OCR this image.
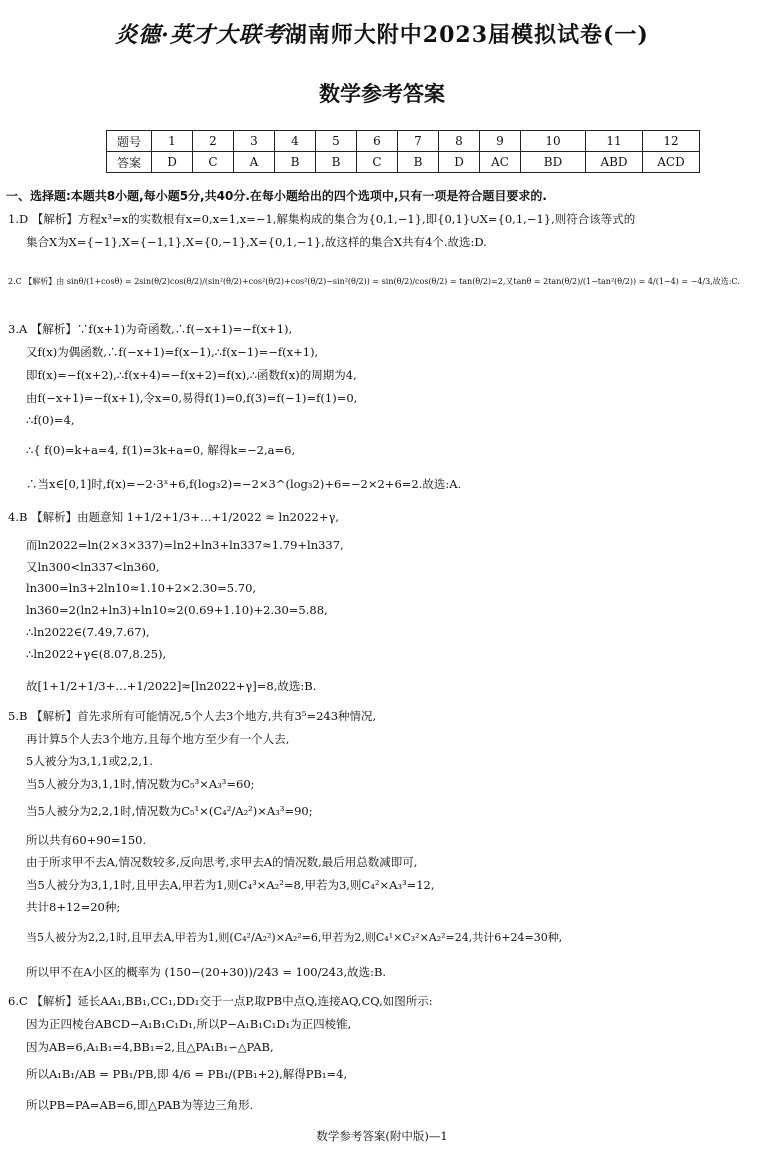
炎德·英才大联考湖南师大附中2023届模拟试卷(一)
数学参考答案
题号	1	2	3	4	5	6	7	8	9	10	11	12
答案	D	C	A	B	B	C	B	D	AC	BD	ABD	ACD
一、选择题:本题共8小题,每小题5分,共40分.在每小题给出的四个选项中,只有一项是符合题目要求的.
1.D 【解析】方程x³=x的实数根有x=0,x=1,x=−1,解集构成的集合为{0,1,−1},即{0,1}∪X={0,1,−1},则符合该等式的
集合X为X={−1},X={−1,1},X={0,−1},X={0,1,−1},故这样的集合X共有4个.故选:D.
2.C 【解析】由 sinθ/(1+cosθ) = 2sin(θ/2)cos(θ/2)/(sin²(θ/2)+cos²(θ/2)+cos²(θ/2)−sin²(θ/2)) = sin(θ/2)/cos(θ/2) = tan(θ/2)=2,又tanθ = 2tan(θ/2)/(1−tan²(θ/2)) = 4/(1−4) = −4/3,故选:C.
3.A 【解析】∵f(x+1)为奇函数,∴f(−x+1)=−f(x+1),
又f(x)为偶函数,∴f(−x+1)=f(x−1),∴f(x−1)=−f(x+1),
即f(x)=−f(x+2),∴f(x+4)=−f(x+2)=f(x),∴函数f(x)的周期为4,
由f(−x+1)=−f(x+1),令x=0,易得f(1)=0,f(3)=f(−1)=f(1)=0,
∴f(0)=4,
∴{ f(0)=k+a=4, f(1)=3k+a=0, 解得k=−2,a=6,
∴当x∈[0,1]时,f(x)=−2·3ˣ+6,f(log₃2)=−2×3^(log₃2)+6=−2×2+6=2.故选:A.
4.B 【解析】由题意知 1+1/2+1/3+…+1/2022 ≈ ln2022+γ,
而ln2022=ln(2×3×337)=ln2+ln3+ln337≈1.79+ln337,
又ln300<ln337<ln360,
ln300=ln3+2ln10≈1.10+2×2.30=5.70,
ln360=2(ln2+ln3)+ln10≈2(0.69+1.10)+2.30=5.88,
∴ln2022∈(7.49,7.67),
∴ln2022+γ∈(8.07,8.25),
故[1+1/2+1/3+…+1/2022]≈[ln2022+γ]=8,故选:B.
5.B 【解析】首先求所有可能情况,5个人去3个地方,共有3⁵=243种情况,
再计算5个人去3个地方,且每个地方至少有一个人去,
5人被分为3,1,1或2,2,1.
当5人被分为3,1,1时,情况数为C₅³×A₃³=60;
当5人被分为2,2,1时,情况数为C₅¹×(C₄²/A₂²)×A₃³=90;
所以共有60+90=150.
由于所求甲不去A,情况数较多,反向思考,求甲去A的情况数,最后用总数减即可,
当5人被分为3,1,1时,且甲去A,甲若为1,则C₄³×A₂²=8,甲若为3,则C₄²×A₃³=12,
共计8+12=20种;
当5人被分为2,2,1时,且甲去A,甲若为1,则(C₄²/A₂²)×A₂²=6,甲若为2,则C₄¹×C₃²×A₂²=24,共计6+24=30种,
所以甲不在A小区的概率为 (150−(20+30))/243 = 100/243,故选:B.
6.C 【解析】延长AA₁,BB₁,CC₁,DD₁交于一点P,取PB中点Q,连接AQ,CQ,如图所示:
因为正四棱台ABCD−A₁B₁C₁D₁,所以P−A₁B₁C₁D₁为正四棱锥,
因为AB=6,A₁B₁=4,BB₁=2,且△PA₁B₁∽△PAB,
所以A₁B₁/AB = PB₁/PB,即 4/6 = PB₁/(PB₁+2),解得PB₁=4,
所以PB=PA=AB=6,即△PAB为等边三角形.
数学参考答案(附中版)—1
